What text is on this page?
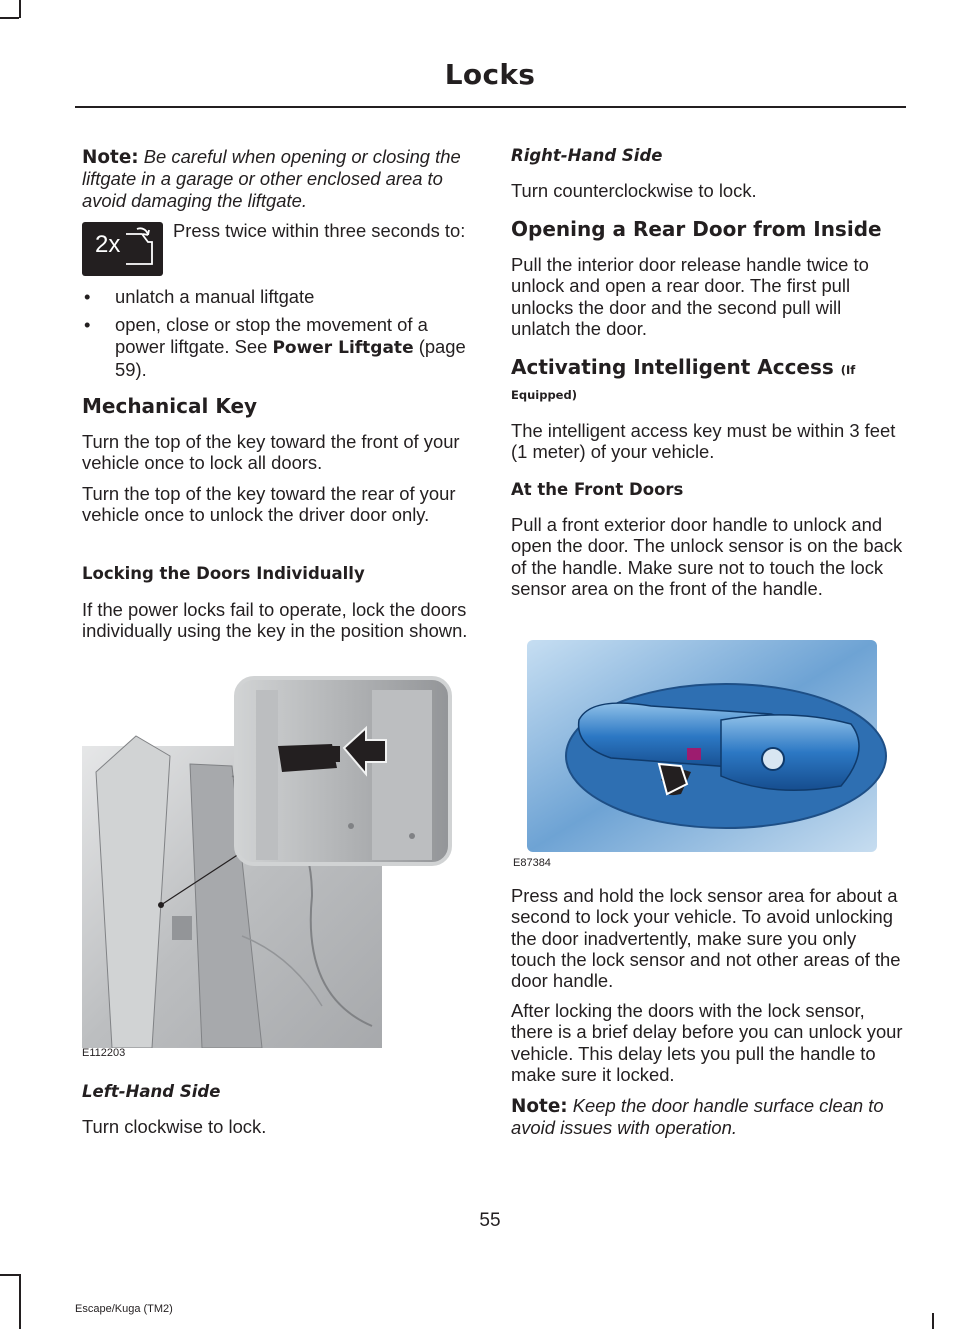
Locks

Note: Be careful when opening or closing the liftgate in a garage or other enclosed area to avoid damaging the liftgate.

2x

Press twice within three seconds to:

• unlatch a manual liftgate
• open, close or stop the movement of a power liftgate. See Power Liftgate (page 59).
Mechanical Key

Turn the top of the key toward the front of your vehicle once to lock all doors.

Turn the top of the key toward the rear of your vehicle once to unlock the driver door only.

Locking the Doors Individually

If the power locks fail to operate, lock the doors individually using the key in the position shown.

E112203
Left-Hand Side

Turn clockwise to lock.

Right-Hand Side

Turn counterclockwise to lock.

Opening a Rear Door from Inside

Pull the interior door release handle twice to unlock and open a rear door. The first pull unlocks the door and the second pull will unlatch the door.

Activating Intelligent Access (If
Equipped)

The intelligent access key must be within 3 feet (1 meter) of your vehicle.

At the Front Doors

Pull a front exterior door handle to unlock and open the door. The unlock sensor is on the back of the handle. Make sure not to touch the lock sensor area on the front of the handle.

E87384

Press and hold the lock sensor area for about a second to lock your vehicle. To avoid unlocking the door inadvertently, make sure you only touch the lock sensor and not other areas of the door handle.

After locking the doors with the lock sensor, there is a brief delay before you can unlock your vehicle. This delay lets you pull the handle to make sure it locked.

Note: Keep the door handle surface clean to avoid issues with operation.

55
Escape/Kuga (TM2)
